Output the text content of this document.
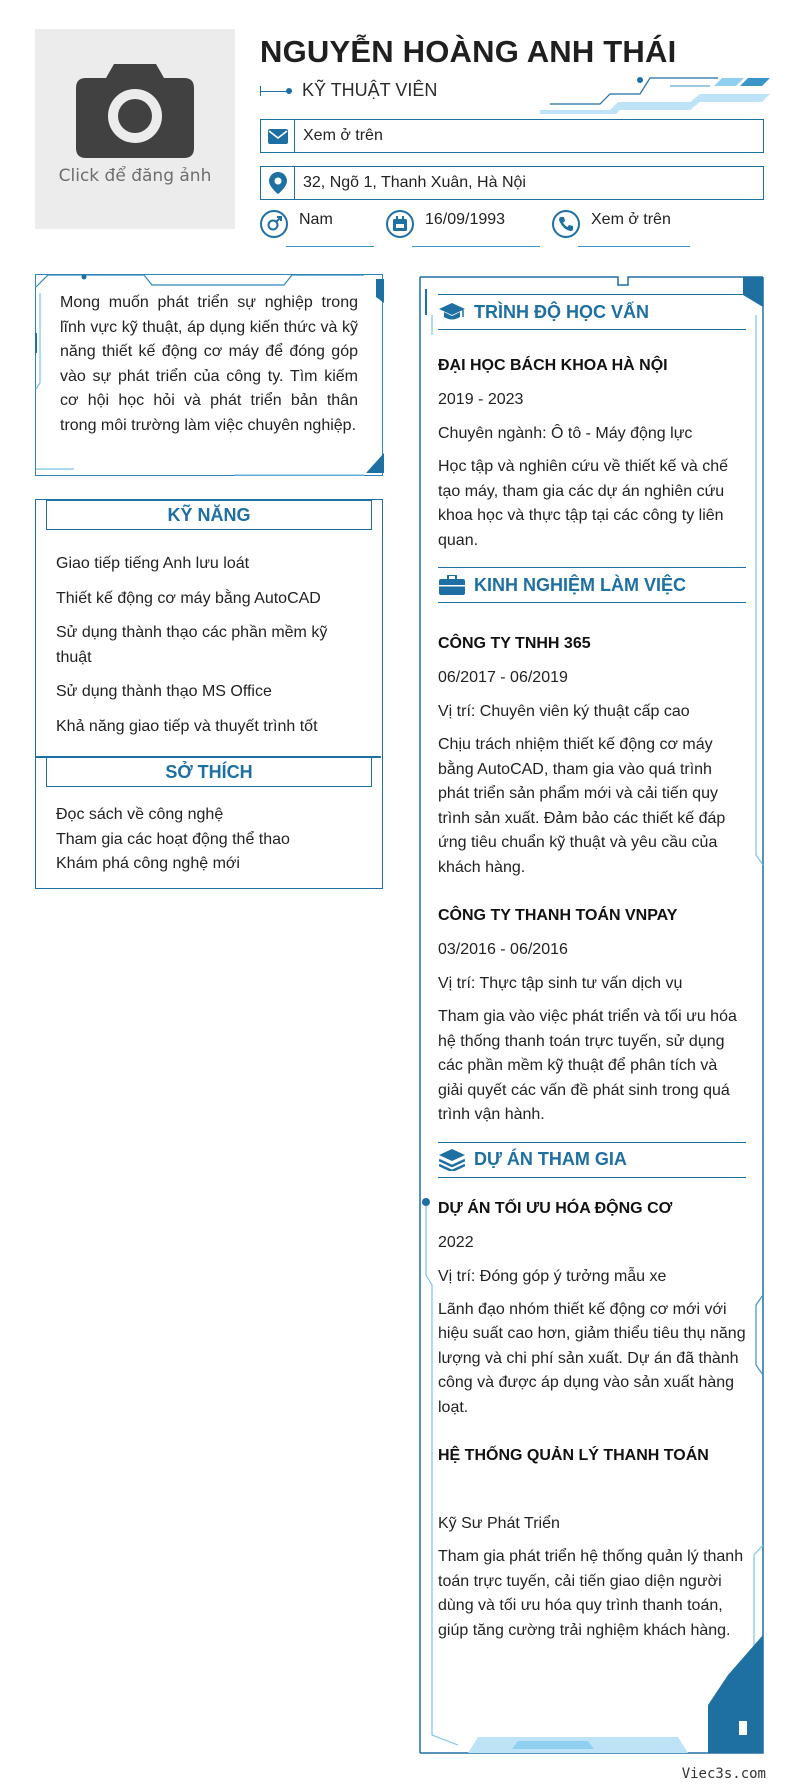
Click để đăng ảnh
NGUYỄN HOÀNG ANH THÁI
KỸ THUẬT VIÊN
Xem ở trên
32, Ngõ 1, Thanh Xuân, Hà Nội
Nam	16/09/1993	Xem ở trên
Mong muốn phát triển sự nghiệp trong lĩnh vực kỹ thuật, áp dụng kiến thức và kỹ năng thiết kế động cơ máy để đóng góp vào sự phát triển của công ty. Tìm kiếm cơ hội học hỏi và phát triển bản thân trong môi trường làm việc chuyên nghiệp.
KỸ NĂNG
Giao tiếp tiếng Anh lưu loát
Thiết kế động cơ máy bằng AutoCAD
Sử dụng thành thạo các phần mềm kỹ thuật
Sử dụng thành thạo MS Office
Khả năng giao tiếp và thuyết trình tốt
SỞ THÍCH
Đọc sách về công nghệ
Tham gia các hoạt động thể thao
Khám phá công nghệ mới
TRÌNH ĐỘ HỌC VẤN
ĐẠI HỌC BÁCH KHOA HÀ NỘI
2019 - 2023
Chuyên ngành: Ô tô - Máy động lực
Học tập và nghiên cứu về thiết kế và chế tạo máy, tham gia các dự án nghiên cứu khoa học và thực tập tại các công ty liên quan.
KINH NGHIỆM LÀM VIỆC
CÔNG TY TNHH 365
06/2017 - 06/2019
Vị trí: Chuyên viên ký thuật cấp cao
Chịu trách nhiệm thiết kế động cơ máy bằng AutoCAD, tham gia vào quá trình phát triển sản phẩm mới và cải tiến quy trình sản xuất. Đảm bảo các thiết kế đáp ứng tiêu chuẩn kỹ thuật và yêu cầu của khách hàng.
CÔNG TY THANH TOÁN VNPAY
03/2016 - 06/2016
Vị trí: Thực tập sinh tư vấn dịch vụ
Tham gia vào việc phát triển và tối ưu hóa hệ thống thanh toán trực tuyến, sử dụng các phần mềm kỹ thuật để phân tích và giải quyết các vấn đề phát sinh trong quá trình vận hành.
DỰ ÁN THAM GIA
DỰ ÁN TỐI ƯU HÓA ĐỘNG CƠ
2022
Vị trí: Đóng góp ý tưởng mẫu xe
Lãnh đạo nhóm thiết kế động cơ mới với hiệu suất cao hơn, giảm thiểu tiêu thụ năng lượng và chi phí sản xuất. Dự án đã thành công và được áp dụng vào sản xuất hàng loạt.
HỆ THỐNG QUẢN LÝ THANH TOÁN
Kỹ Sư Phát Triển
Tham gia phát triển hệ thống quản lý thanh toán trực tuyến, cải tiến giao diện người dùng và tối ưu hóa quy trình thanh toán, giúp tăng cường trải nghiệm khách hàng.
Viec3s.com
